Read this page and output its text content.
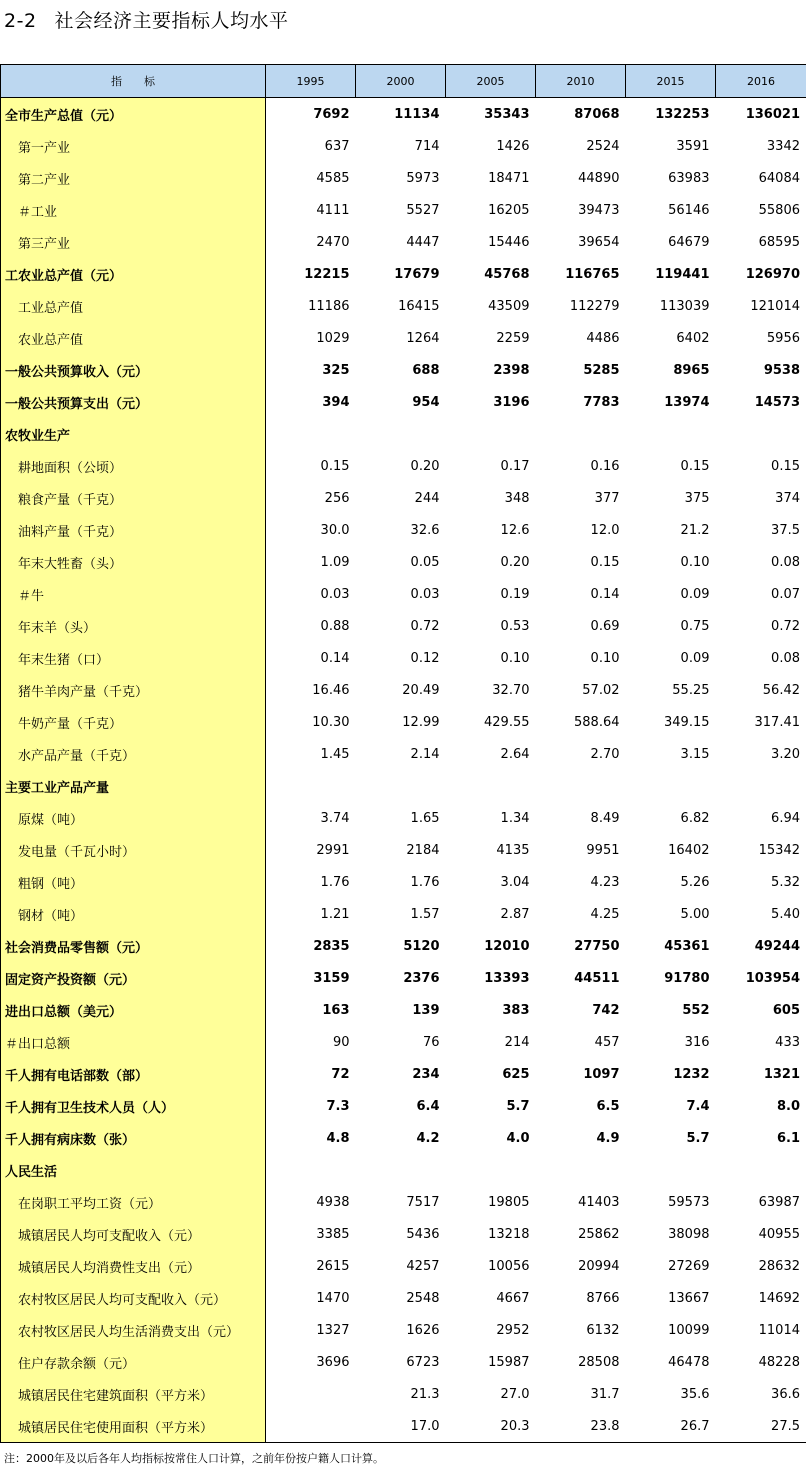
2-2 社会经济主要指标人均水平
指标	1995	2000	2005	2010	2015	2016
全市生产总值（元）	7692	11134	35343	87068	132253	136021
第一产业	637	714	1426	2524	3591	3342
第二产业	4585	5973	18471	44890	63983	64084
＃工业	4111	5527	16205	39473	56146	55806
第三产业	2470	4447	15446	39654	64679	68595
工农业总产值（元）	12215	17679	45768	116765	119441	126970
工业总产值	11186	16415	43509	112279	113039	121014
农业总产值	1029	1264	2259	4486	6402	5956
一般公共预算收入（元）	325	688	2398	5285	8965	9538
一般公共预算支出（元）	394	954	3196	7783	13974	14573
农牧业生产						
耕地面积（公顷）	0.15	0.20	0.17	0.16	0.15	0.15
粮食产量（千克）	256	244	348	377	375	374
油料产量（千克）	30.0	32.6	12.6	12.0	21.2	37.5
年末大牲畜（头）	1.09	0.05	0.20	0.15	0.10	0.08
＃牛	0.03	0.03	0.19	0.14	0.09	0.07
年末羊（头）	0.88	0.72	0.53	0.69	0.75	0.72
年末生猪（口）	0.14	0.12	0.10	0.10	0.09	0.08
猪牛羊肉产量（千克）	16.46	20.49	32.70	57.02	55.25	56.42
牛奶产量（千克）	10.30	12.99	429.55	588.64	349.15	317.41
水产品产量（千克）	1.45	2.14	2.64	2.70	3.15	3.20
主要工业产品产量						
原煤（吨）	3.74	1.65	1.34	8.49	6.82	6.94
发电量（千瓦小时）	2991	2184	4135	9951	16402	15342
粗钢（吨）	1.76	1.76	3.04	4.23	5.26	5.32
钢材（吨）	1.21	1.57	2.87	4.25	5.00	5.40
社会消费品零售额（元）	2835	5120	12010	27750	45361	49244
固定资产投资额（元）	3159	2376	13393	44511	91780	103954
进出口总额（美元）	163	139	383	742	552	605
＃出口总额	90	76	214	457	316	433
千人拥有电话部数（部）	72	234	625	1097	1232	1321
千人拥有卫生技术人员（人）	7.3	6.4	5.7	6.5	7.4	8.0
千人拥有病床数（张）	4.8	4.2	4.0	4.9	5.7	6.1
人民生活						
在岗职工平均工资（元）	4938	7517	19805	41403	59573	63987
城镇居民人均可支配收入（元）	3385	5436	13218	25862	38098	40955
城镇居民人均消费性支出（元）	2615	4257	10056	20994	27269	28632
农村牧区居民人均可支配收入（元）	1470	2548	4667	8766	13667	14692
农村牧区居民人均生活消费支出（元）	1327	1626	2952	6132	10099	11014
住户存款余额（元）	3696	6723	15987	28508	46478	48228
城镇居民住宅建筑面积（平方米）		21.3	27.0	31.7	35.6	36.6
城镇居民住宅使用面积（平方米）		17.0	20.3	23.8	26.7	27.5
注：2000年及以后各年人均指标按常住人口计算，之前年份按户籍人口计算。
